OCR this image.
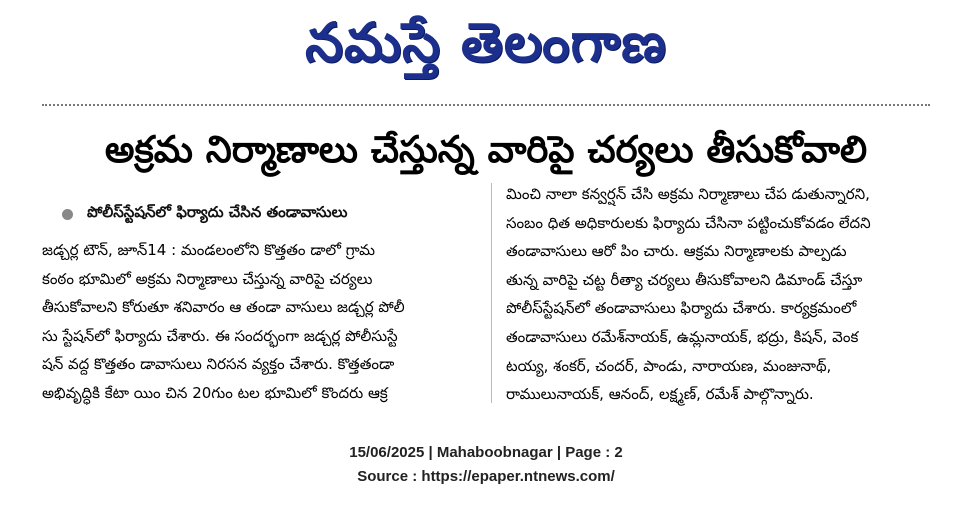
నమస్తే తెలంగాణ
అక్రమ నిర్మాణాలు చేస్తున్న వారిపై చర్యలు తీసుకోవాలి
పోలీస్‌స్టేషన్‌లో ఫిర్యాదు చేసిన తండావాసులు
జడ్చర్ల టౌన్, జూన్14 : మండలంలోని కొత్తతం డాలో గ్రామ
కంఠం భూమిలో అక్రమ నిర్మాణాలు చేస్తున్న వారిపై చర్యలు
తీసుకోవాలని కోరుతూ శనివారం ఆ తండా వాసులు జడ్చర్ల పోలీ
సు స్టేషన్‌లో ఫిర్యాదు చేశారు. ఈ సందర్భంగా జడ్చర్ల పోలీసుస్టే
షన్ వద్ద కొత్తతం డావాసులు నిరసన వ్యక్తం చేశారు. కొత్తతండా
అభివృద్ధికి కేటా యిం చిన 20గుం టల భూమిలో కొందరు ఆక్ర
మించి నాలా కన్వర్షన్ చేసి అక్రమ నిర్మాణాలు చేప డుతున్నారని,
సంబం ధిత అధికారులకు ఫిర్యాదు చేసినా పట్టించుకోవడం లేదని
తండావాసులు ఆరో పిం చారు. ఆక్రమ నిర్మాణాలకు పాల్పడు
తున్న వారిపై చట్ట రీత్యా చర్యలు తీసుకోవాలని డిమాండ్ చేస్తూ
పోలీస్‌స్టేషన్‌లో తండావాసులు ఫిర్యాదు చేశారు. కార్యక్రమంలో
తండావాసులు రమేశ్‌నాయక్, ఉమ్లనాయక్, భద్రు, కిషన్, వెంక
టయ్య, శంకర్, చందర్, పాండు, నారాయణ, మంజునాథ్,
రాములునాయక్, ఆనంద్, లక్ష్మణ్, రమేశ్ పాల్గొన్నారు.
15/06/2025 | Mahaboobnagar | Page : 2
Source : https://epaper.ntnews.com/
